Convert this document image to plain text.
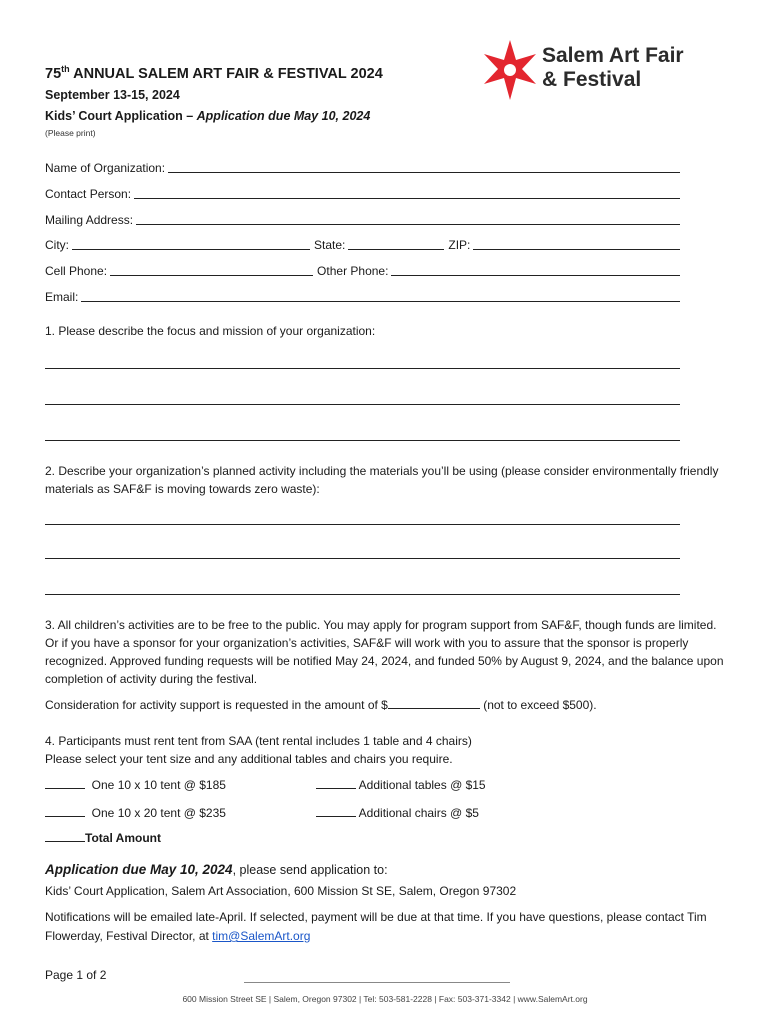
75th ANNUAL SALEM ART FAIR & FESTIVAL 2024
September 13-15, 2024
Kids’ Court Application – Application due May 10, 2024
(Please print)
Salem Art Fair
& Festival
Name of Organization:
Contact Person:
Mailing Address:
City:	State:	ZIP:
Cell Phone:	Other Phone:
Email:
1. Please describe the focus and mission of your organization:
2. Describe your organization’s planned activity including the materials you’ll be using (please consider environmentally friendly materials as SAF&F is moving towards zero waste):
3. All children’s activities are to be free to the public. You may apply for program support from SAF&F, though funds are limited. Or if you have a sponsor for your organization’s activities, SAF&F will work with you to assure that the sponsor is properly recognized. Approved funding requests will be notified May 24, 2024, and funded 50% by August 9, 2024, and the balance upon completion of activity during the festival.
Consideration for activity support is requested in the amount of $	(not to exceed $500).
4. Participants must rent tent from SAA (tent rental includes 1 table and 4 chairs)
Please select your tent size and any additional tables and chairs you require.
One 10 x 10 tent @ $185	Additional tables @ $15
One 10 x 20 tent @ $235	Additional chairs @ $5
Total Amount
Application due May 10, 2024, please send application to:
Kids’ Court Application, Salem Art Association, 600 Mission St SE, Salem, Oregon 97302
Notifications will be emailed late-April. If selected, payment will be due at that time. If you have questions, please contact Tim Flowerday, Festival Director, at tim@SalemArt.org
Page 1 of 2
600 Mission Street SE | Salem, Oregon 97302 | Tel: 503-581-2228 | Fax: 503-371-3342 | www.SalemArt.org
